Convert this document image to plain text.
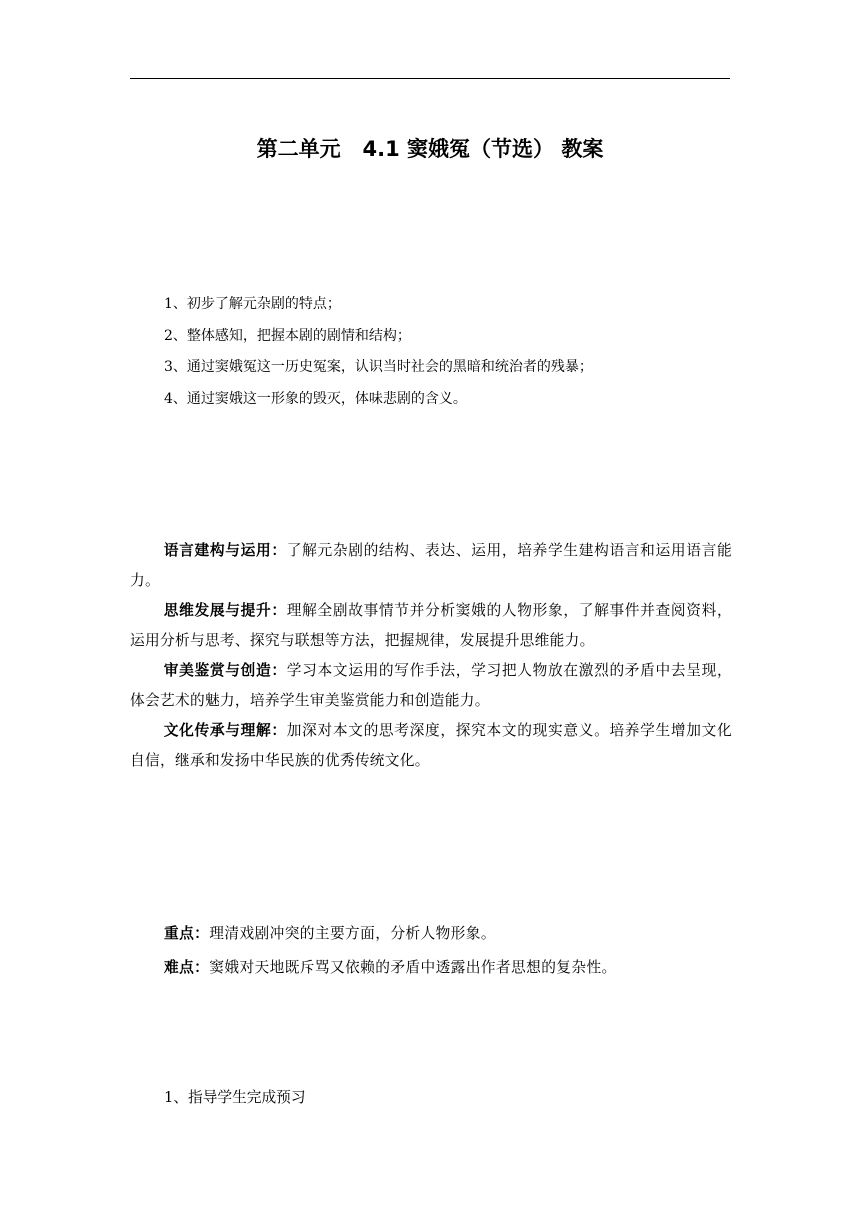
第二单元   4.1 窦娥冤（节选） 教案
1、初步了解元杂剧的特点；
2、整体感知，把握本剧的剧情和结构；
3、通过窦娥冤这一历史冤案，认识当时社会的黑暗和统治者的残暴；
4、通过窦娥这一形象的毁灭，体味悲剧的含义。

语言建构与运用：了解元杂剧的结构、表达、运用，培养学生建构语言和运用语言能力。

思维发展与提升：理解全剧故事情节并分析窦娥的人物形象，了解事件并查阅资料，运用分析与思考、探究与联想等方法，把握规律，发展提升思维能力。

审美鉴赏与创造：学习本文运用的写作手法，学习把人物放在激烈的矛盾中去呈现，体会艺术的魅力，培养学生审美鉴赏能力和创造能力。

文化传承与理解：加深对本文的思考深度，探究本文的现实意义。培养学生增加文化自信，继承和发扬中华民族的优秀传统文化。

重点：理清戏剧冲突的主要方面，分析人物形象。

难点：窦娥对天地既斥骂又依赖的矛盾中透露出作者思想的复杂性。

1、指导学生完成预习
